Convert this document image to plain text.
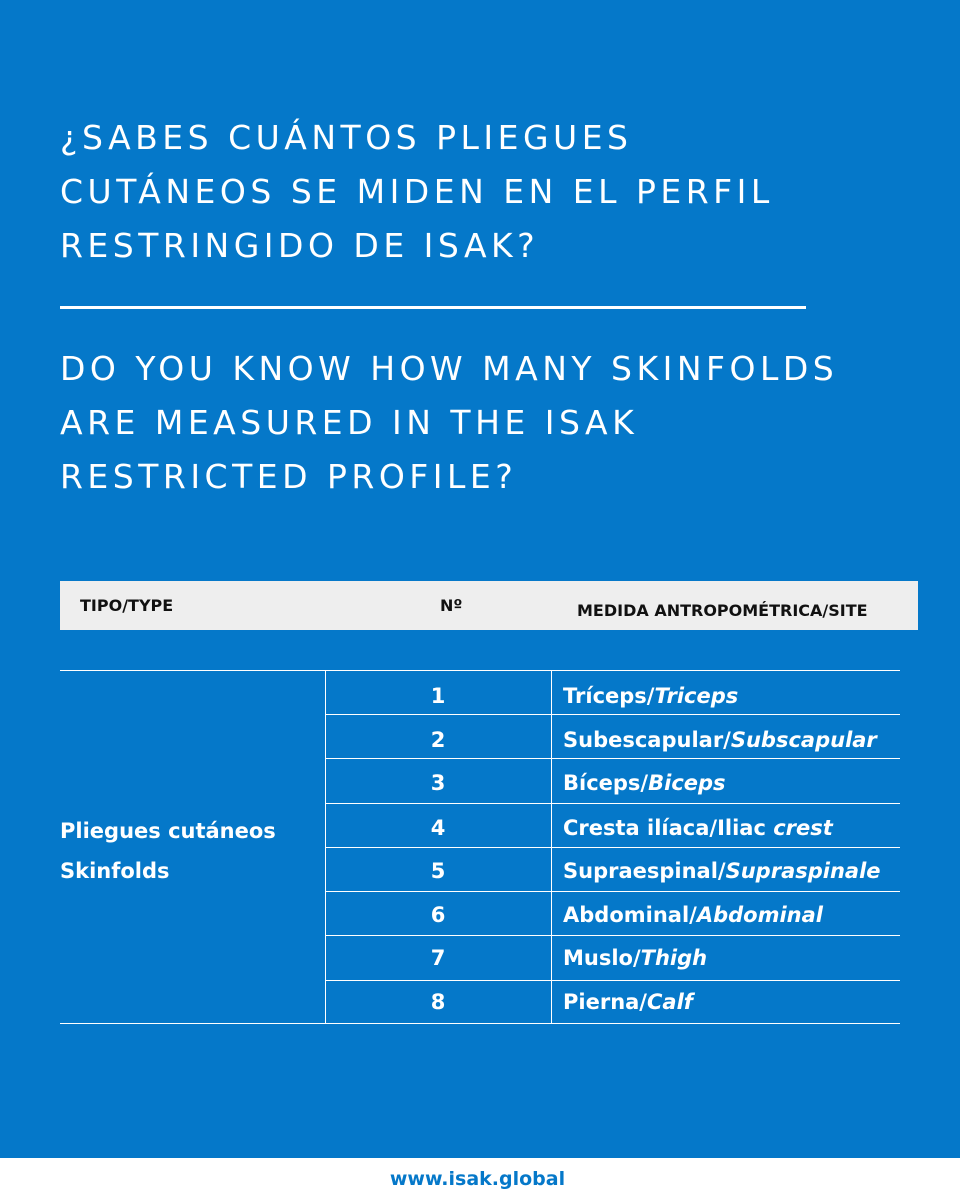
¿SABES CUÁNTOS PLIEGUES
CUTÁNEOS SE MIDEN EN EL PERFIL
RESTRINGIDO DE ISAK?
DO YOU KNOW HOW MANY SKINFOLDS
ARE MEASURED IN THE ISAK
RESTRICTED PROFILE?
TIPO/TYPE	Nº	MEDIDA ANTROPOMÉTRICA/SITE
Pliegues cutáneos
Skinfolds
1	Tríceps/Triceps
2	Subescapular/Subscapular
3	Bíceps/Biceps
4	Cresta ilíaca/Iliac crest
5	Supraespinal/Supraspinale
6	Abdominal/Abdominal
7	Muslo/Thigh
8	Pierna/Calf
www.isak.global
